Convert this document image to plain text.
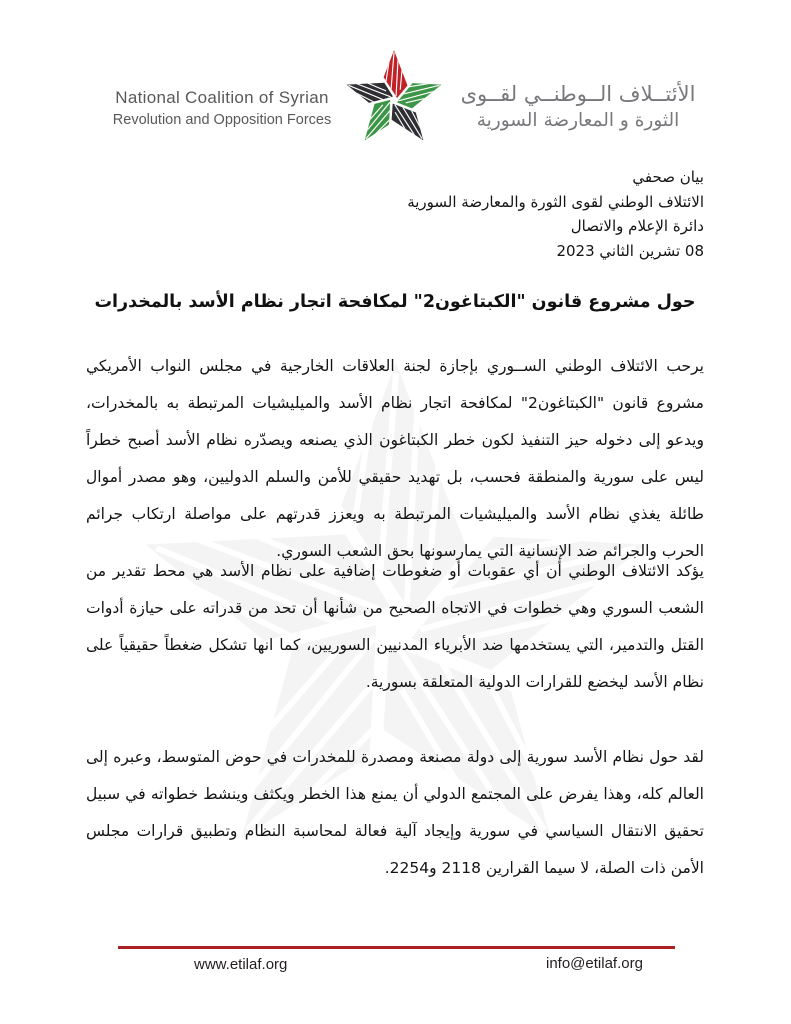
National Coalition of Syrian
Revolution and Opposition Forces
الأئتــلاف الــوطنــي لقــوى
الثورة و المعارضة السورية
بيان صحفي
الائتلاف الوطني لقوى الثورة والمعارضة السورية
دائرة الإعلام والاتصال
08 تشرين الثاني 2023
حول مشروع قانون "الكبتاغون2" لمكافحة اتجار نظام الأسد بالمخدرات
يرحب الائتلاف الوطني الســوري بإجازة لجنة العلاقات الخارجية في مجلس النواب الأمريكي مشروع قانون "الكبتاغون2" لمكافحة اتجار نظام الأسد والميليشيات المرتبطة به بالمخدرات، ويدعو إلى دخوله حيز التنفيذ لكون خطر الكبتاغون الذي يصنعه ويصدّره نظام الأسد أصبح خطراً ليس على سورية والمنطقة فحسب، بل تهديد حقيقي للأمن والسلم الدوليين، وهو مصدر أموال طائلة يغذي نظام الأسد والميليشيات المرتبطة به ويعزز قدرتهم على مواصلة ارتكاب جرائم الحرب والجرائم ضد الإنسانية التي يمارسونها بحق الشعب السوري.
يؤكد الائتلاف الوطني أن أي عقوبات أو ضغوطات إضافية على نظام الأسد هي محط تقدير من الشعب السوري وهي خطوات في الاتجاه الصحيح من شأنها أن تحد من قدراته على حيازة أدوات القتل والتدمير، التي يستخدمها ضد الأبرياء المدنيين السوريين، كما انها تشكل ضغطاً حقيقياً على نظام الأسد ليخضع للقرارات الدولية المتعلقة بسورية.
لقد حول نظام الأسد سورية إلى دولة مصنعة ومصدرة للمخدرات في حوض المتوسط، وعبره إلى العالم كله، وهذا يفرض على المجتمع الدولي أن يمنع هذا الخطر ويكثف وينشط خطواته في سبيل تحقيق الانتقال السياسي في سورية وإيجاد آلية فعالة لمحاسبة النظام وتطبيق قرارات مجلس الأمن ذات الصلة، لا سيما القرارين 2118 و2254.
www.etilaf.org	info@etilaf.org
